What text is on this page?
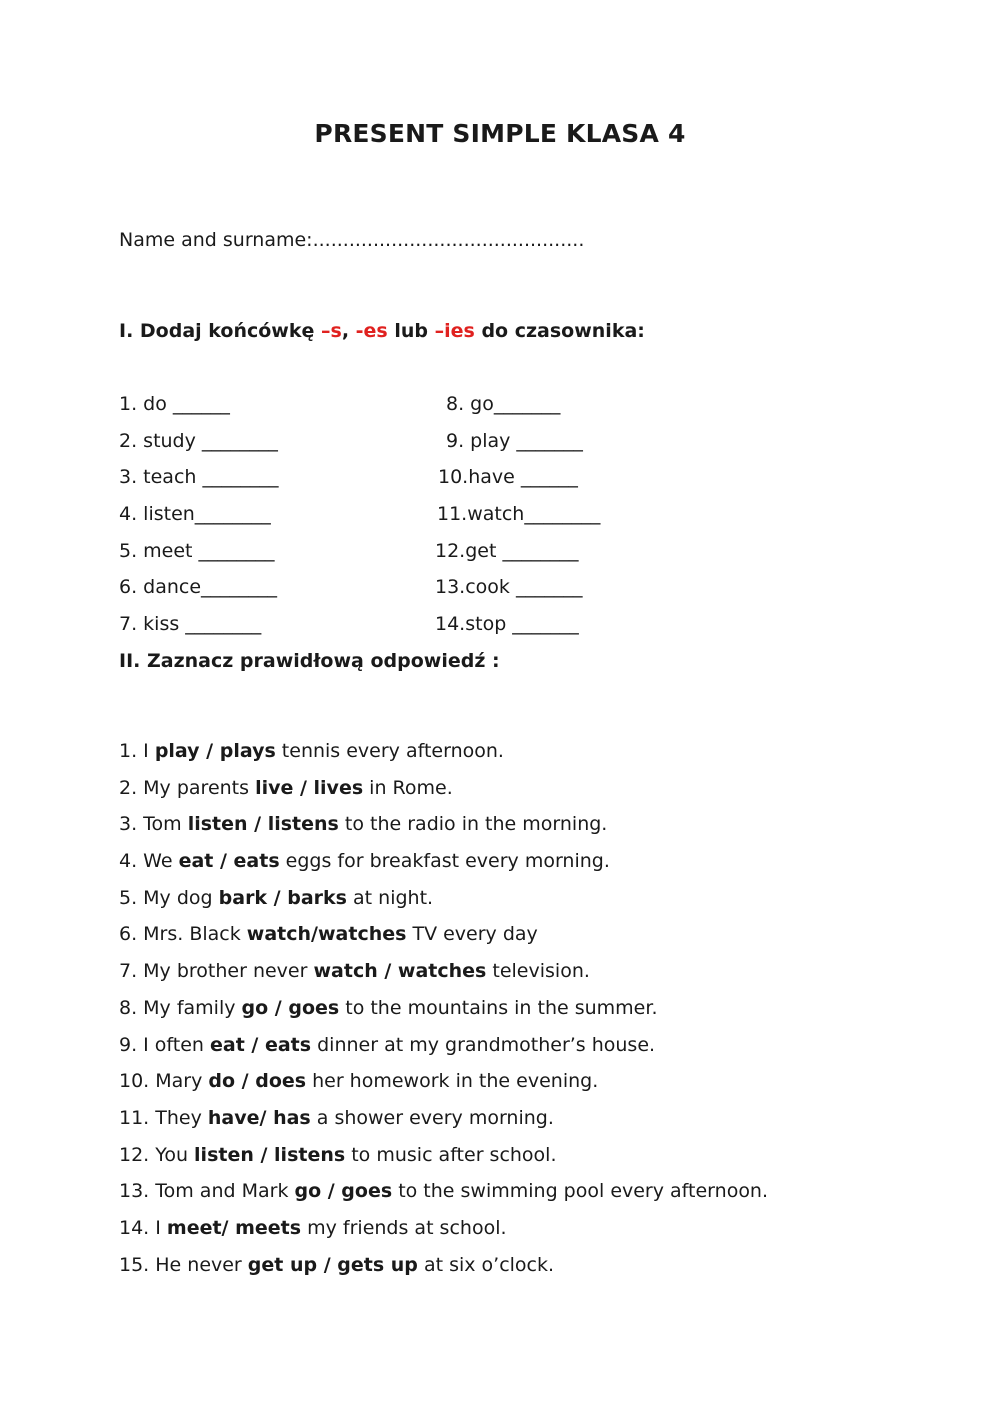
PRESENT SIMPLE KLASA 4
Name and surname:.............................................
I. Dodaj końcówkę –s, -es lub –ies do czasownika:
1. do ______	8. go_______
2. study ________	9. play _______
3. teach ________	10.have ______
4. listen________	11.watch________
5. meet ________	12.get ________
6. dance________	13.cook _______
7. kiss ________	14.stop _______
II. Zaznacz prawidłową odpowiedź :
1. I play / plays tennis every afternoon.
2. My parents live / lives in Rome.
3. Tom listen / listens to the radio in the morning.
4. We eat / eats eggs for breakfast every morning.
5. My dog bark / barks at night.
6. Mrs. Black watch/watches TV every day
7. My brother never watch / watches television.
8. My family go / goes to the mountains in the summer.
9. I often eat / eats dinner at my grandmother’s house.
10. Mary do / does her homework in the evening.
11. They have/ has a shower every morning.
12. You listen / listens to music after school.
13. Tom and Mark go / goes to the swimming pool every afternoon.
14. I meet/ meets my friends at school.
15. He never get up / gets up at six o’clock.
